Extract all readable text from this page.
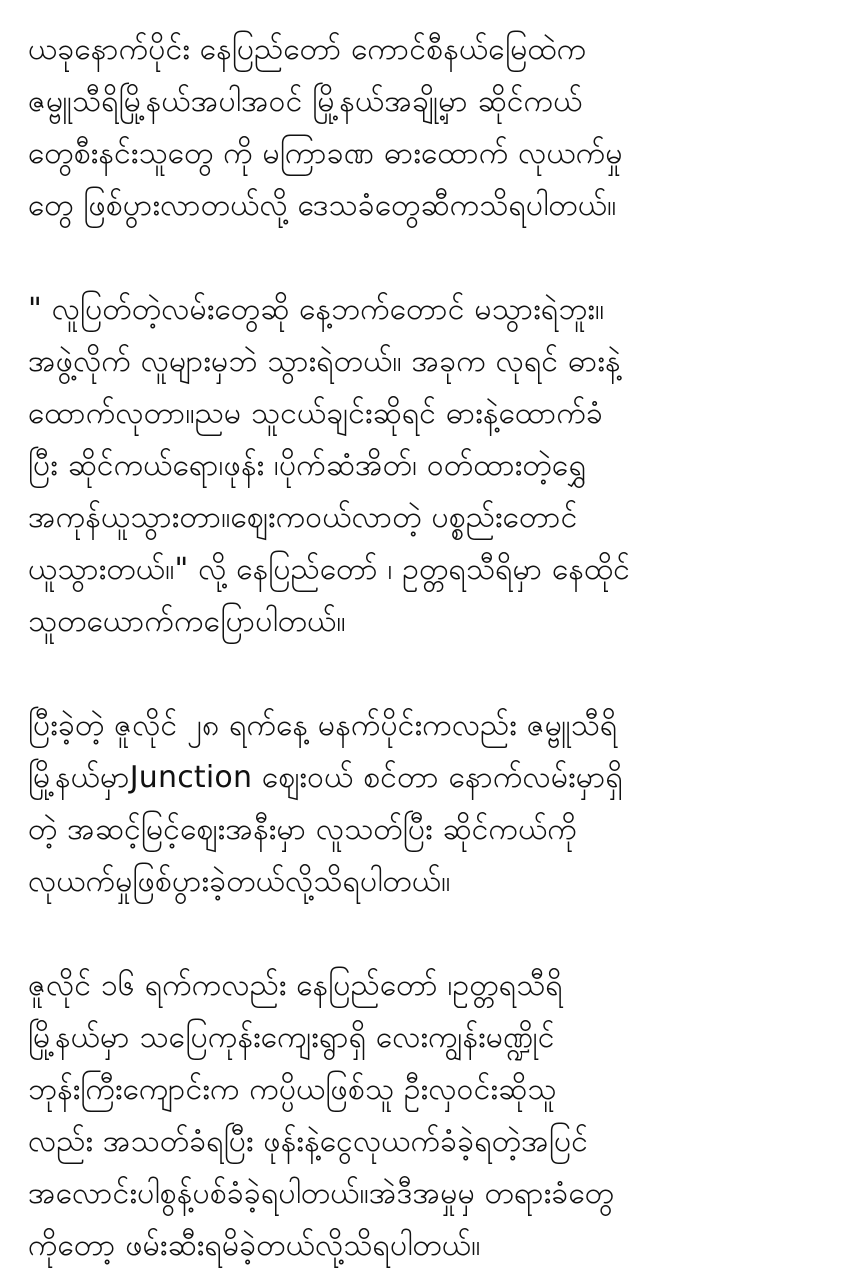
ယခုနောက်ပိုင်း နေပြည်တော် ကောင်စီနယ်မြေထဲက
ဇမ္ဗူသီရိမြို့နယ်အပါအဝင် မြို့နယ်အချို့မှာ ဆိုင်ကယ်
တွေစီးနင်းသူတွေ ကို မကြာခဏ ဓားထောက် လုယက်မှု
တွေ ဖြစ်ပွားလာတယ်လို့ ဒေသခံတွေဆီကသိရပါတယ်။
" လူပြတ်တဲ့လမ်းတွေဆို နေ့ဘက်တောင် မသွားရဲဘူး။
အဖွဲ့လိုက် လူများမှဘဲ သွားရဲတယ်။ အခုက လုရင် ဓားနဲ့
ထောက်လုတာ။ညမ သူငယ်ချင်းဆိုရင် ဓားနဲ့ထောက်ခံ
ပြီး ဆိုင်ကယ်ရော၊ဖုန်း ၊ပိုက်ဆံအိတ်၊ ဝတ်ထားတဲ့ရွှေ
အကုန်ယူသွားတာ။ဈေးကဝယ်လာတဲ့ ပစ္စည်းတောင်
ယူသွားတယ်။" လို့ နေပြည်တော် ၊ ဥတ္တရသီရိမှာ နေထိုင်
သူတယောက်ကပြောပါတယ်။
ပြီးခဲ့တဲ့ ဇူလိုင် ၂၈ ရက်နေ့ မနက်ပိုင်းကလည်း ဇမ္ဗူသီရိ
မြို့နယ်မှာJunction ဈေးဝယ် စင်တာ နောက်လမ်းမှာရှိ
တဲ့ အဆင့်မြင့်ဈေးအနီးမှာ လူသတ်ပြီး ဆိုင်ကယ်ကို
လုယက်မှုဖြစ်ပွားခဲ့တယ်လို့သိရပါတယ်။
ဇူလိုင် ၁၆ ရက်ကလည်း နေပြည်တော် ၊ဥတ္တရသီရိ
မြို့နယ်မှာ သပြေကုန်းကျေးရွာရှိ လေးကျွန်းမဏ္ဍိုင်
ဘုန်းကြီးကျောင်းက ကပ္ပိယဖြစ်သူ ဦးလှဝင်းဆိုသူ
လည်း အသတ်ခံရပြီး ဖုန်းနဲ့ငွေလုယက်ခံခဲ့ရတဲ့အပြင်
အလောင်းပါစွန့်ပစ်ခံခဲ့ရပါတယ်။အဲဒီအမှုမှ တရားခံတွေ
ကိုတော့ ဖမ်းဆီးရမိခဲ့တယ်လို့သိရပါတယ်။
